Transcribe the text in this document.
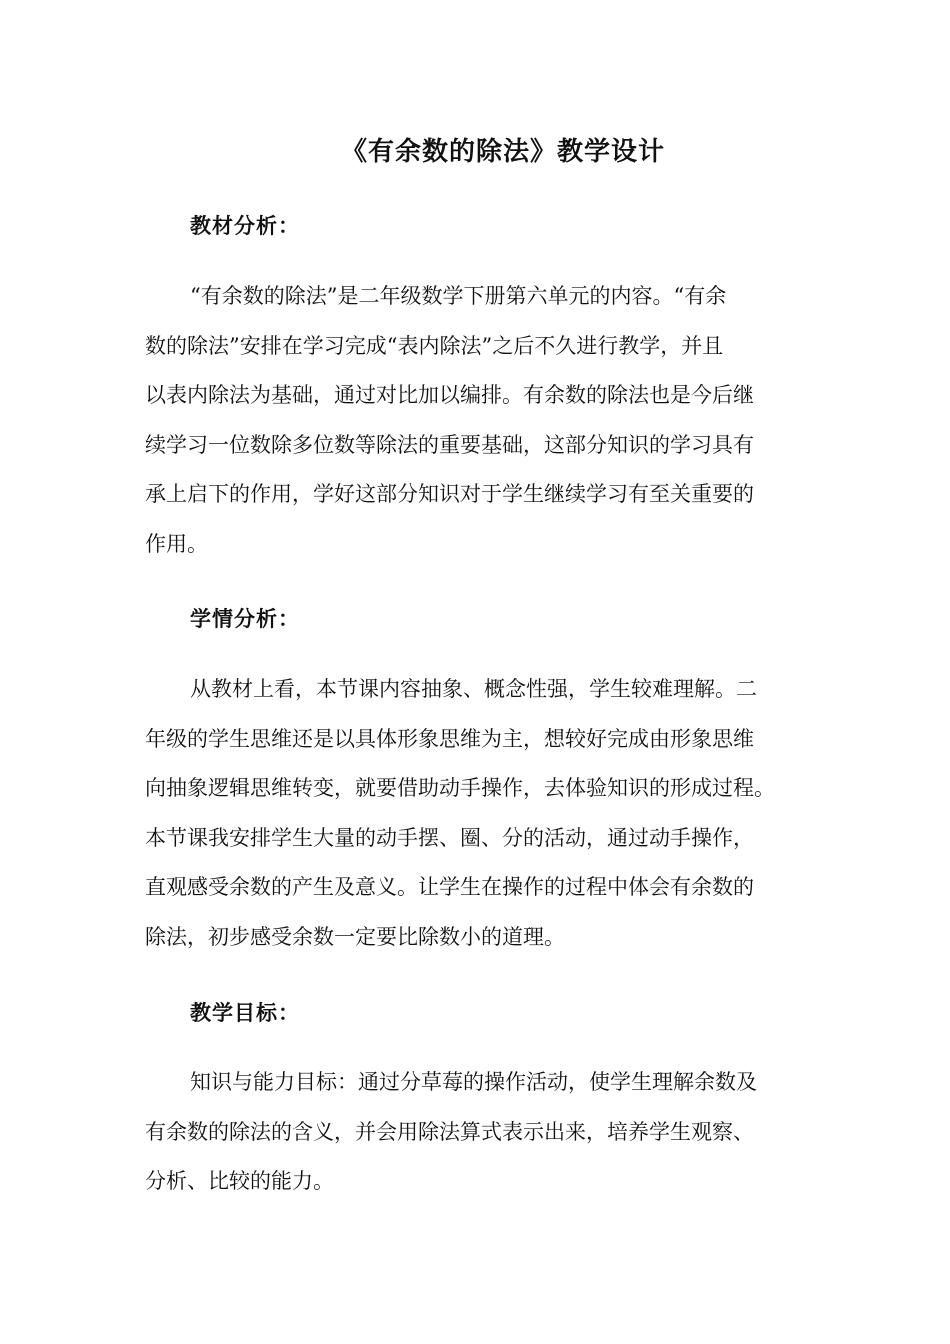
《有余数的除法》教学设计
教材分析：
“有余数的除法”是二年级数学下册第六单元的内容。“有余
数的除法”安排在学习完成“表内除法”之后不久进行教学，并且
以表内除法为基础，通过对比加以编排。有余数的除法也是今后继
续学习一位数除多位数等除法的重要基础，这部分知识的学习具有
承上启下的作用，学好这部分知识对于学生继续学习有至关重要的
作用。
学情分析：
从教材上看，本节课内容抽象、概念性强，学生较难理解。二
年级的学生思维还是以具体形象思维为主，想较好完成由形象思维
向抽象逻辑思维转变，就要借助动手操作，去体验知识的形成过程。
本节课我安排学生大量的动手摆、圈、分的活动，通过动手操作，
直观感受余数的产生及意义。让学生在操作的过程中体会有余数的
除法，初步感受余数一定要比除数小的道理。
教学目标：
知识与能力目标：通过分草莓的操作活动，使学生理解余数及
有余数的除法的含义，并会用除法算式表示出来，培养学生观察、
分析、比较的能力。
